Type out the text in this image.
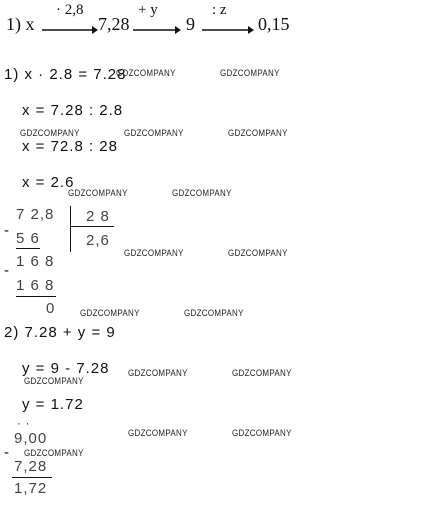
1) x
· 2,8
7,28
+ y
9
: z
0,15
1) x · 2.8 = 7.28
x = 7.28 : 2.8
x = 72.8 : 28
x = 2.6
-
7 2,8 2 8
5 6	2,6
-
1 6 8
1 6 8
0
2) 7.28 + y = 9
y = 9 - 7.28
y = 1.72
· ·
9,00
-
7,28
1,72
GDZCOMPANY	GDZCOMPANY
GDZCOMPANY	GDZCOMPANY	GDZCOMPANY
GDZCOMPANY	GDZCOMPANY
GDZCOMPANY	GDZCOMPANY
GDZCOMPANY	GDZCOMPANY
GDZCOMPANY	GDZCOMPANY
GDZCOMPANY
GDZCOMPANY	GDZCOMPANY
GDZCOMPANY
